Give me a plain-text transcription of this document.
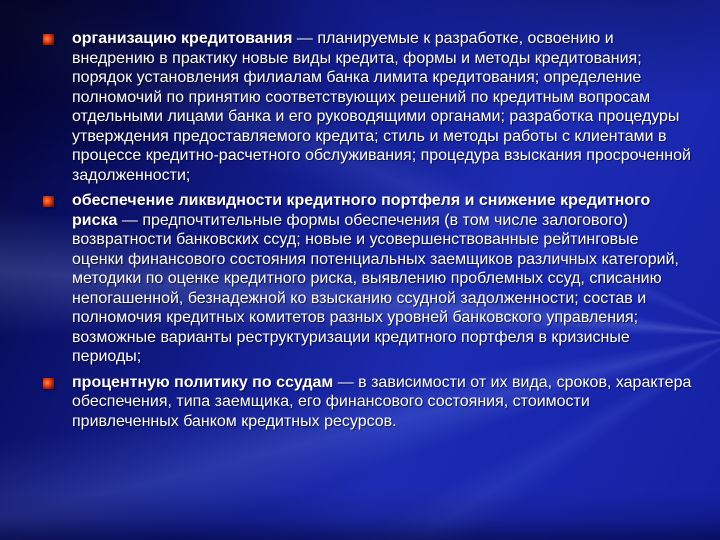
организацию кредитования — планируемые к разработке, освоению и внедрению в практику новые виды кредита, формы и методы кредитования; порядок установления филиалам банка лимита кредитования; определение полномочий по принятию соответствующих решений по кредитным вопросам отдельными лицами банка и его руководящими органами; разработка процедуры утверждения предоставляемого кредита; стиль и методы работы с клиентами в процессе кредитно-расчетного обслуживания; процедура взыскания просроченной задолженности;
обеспечение ликвидности кредитного портфеля и снижение кредитного риска — предпочтительные формы обеспечения (в том числе залогового) возвратности банковских ссуд; новые и усовершенствованные рейтинговые оценки финансового состояния потенциальных заемщиков различных категорий, методики по оценке кредитного риска, выявлению проблемных ссуд, списанию непогашенной, безнадежной ко взысканию ссудной задолженности; состав и полномочия кредитных комитетов разных уровней банковского управления; возможные варианты реструктуризации кредитного портфеля в кризисные периоды;
процентную политику по ссудам — в зависимости от их вида, сроков, характера обеспечения, типа заемщика, его финансового состояния, стоимости привлеченных банком кредитных ресурсов.
